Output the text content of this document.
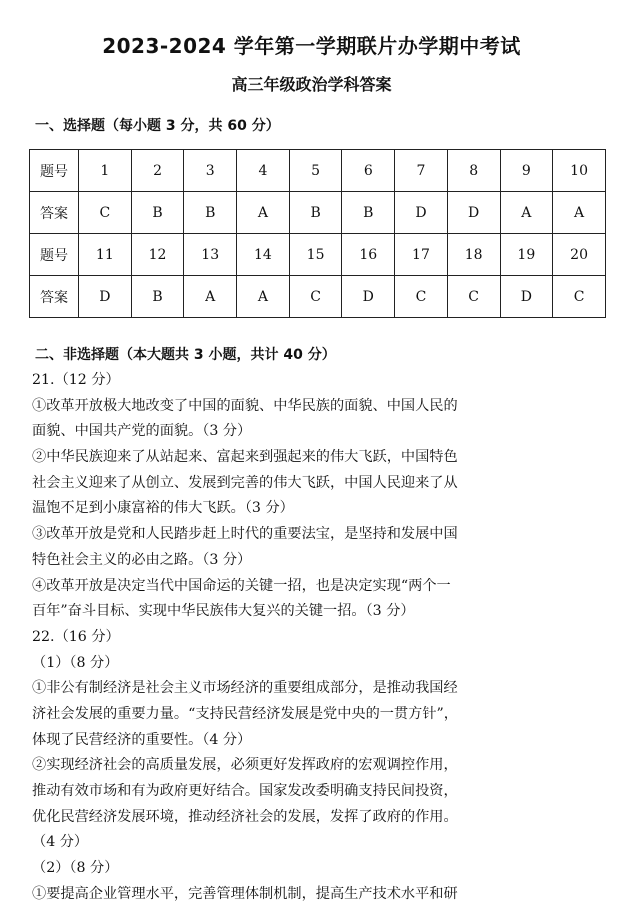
2023-2024 学年第一学期联片办学期中考试
高三年级政治学科答案
一、选择题（每小题 3 分，共 60 分）
题号	1	2	3	4	5	6	7	8	9	10
答案	C	B	B	A	B	B	D	D	A	A
题号	11	12	13	14	15	16	17	18	19	20
答案	D	B	A	A	C	D	C	C	D	C
二、非选择题（本大题共 3 小题，共计 40 分）
21.（12 分）
①改革开放极大地改变了中国的面貌、中华民族的面貌、中国人民的
面貌、中国共产党的面貌。（3 分）
②中华民族迎来了从站起来、富起来到强起来的伟大飞跃，中国特色
社会主义迎来了从创立、发展到完善的伟大飞跃，中国人民迎来了从
温饱不足到小康富裕的伟大飞跃。（3 分）
③改革开放是党和人民踏步赶上时代的重要法宝，是坚持和发展中国
特色社会主义的必由之路。（3 分）
④改革开放是决定当代中国命运的关键一招，也是决定实现“两个一
百年”奋斗目标、实现中华民族伟大复兴的关键一招。（3 分）
22.（16 分）
（1）（8 分）
①非公有制经济是社会主义市场经济的重要组成部分，是推动我国经
济社会发展的重要力量。“支持民营经济发展是党中央的一贯方针”，
体现了民营经济的重要性。（4 分）
②实现经济社会的高质量发展，必须更好发挥政府的宏观调控作用，
推动有效市场和有为政府更好结合。国家发改委明确支持民间投资，
优化民营经济发展环境，推动经济社会的发展，发挥了政府的作用。
（4 分）
（2）（8 分）
①要提高企业管理水平，完善管理体制机制，提高生产技术水平和研
